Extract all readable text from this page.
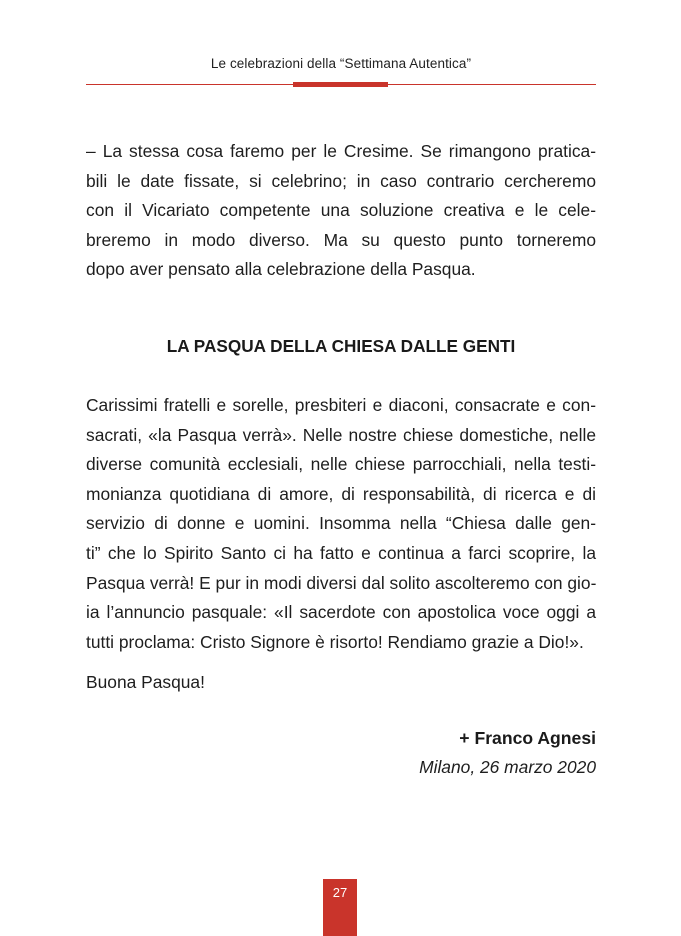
Le celebrazioni della “Settimana Autentica”
– La stessa cosa faremo per le Cresime. Se rimangono pratica-
bili le date fissate, si celebrino; in caso contrario cercheremo
con il Vicariato competente una soluzione creativa e le cele-
breremo in modo diverso. Ma su questo punto torneremo
dopo aver pensato alla celebrazione della Pasqua.
LA PASQUA DELLA CHIESA DALLE GENTI
Carissimi fratelli e sorelle, presbiteri e diaconi, consacrate e con-
sacrati, «la Pasqua verrà». Nelle nostre chiese domestiche, nelle
diverse comunità ecclesiali, nelle chiese parrocchiali, nella testi-
monianza quotidiana di amore, di responsabilità, di ricerca e di
servizio di donne e uomini. Insomma nella “Chiesa dalle gen-
ti” che lo Spirito Santo ci ha fatto e continua a farci scoprire, la
Pasqua verrà! E pur in modi diversi dal solito ascolteremo con gio-
ia l’annuncio pasquale: «Il sacerdote con apostolica voce oggi a
tutti proclama: Cristo Signore è risorto! Rendiamo grazie a Dio!».
Buona Pasqua!
+ Franco Agnesi
Milano, 26 marzo 2020
27
